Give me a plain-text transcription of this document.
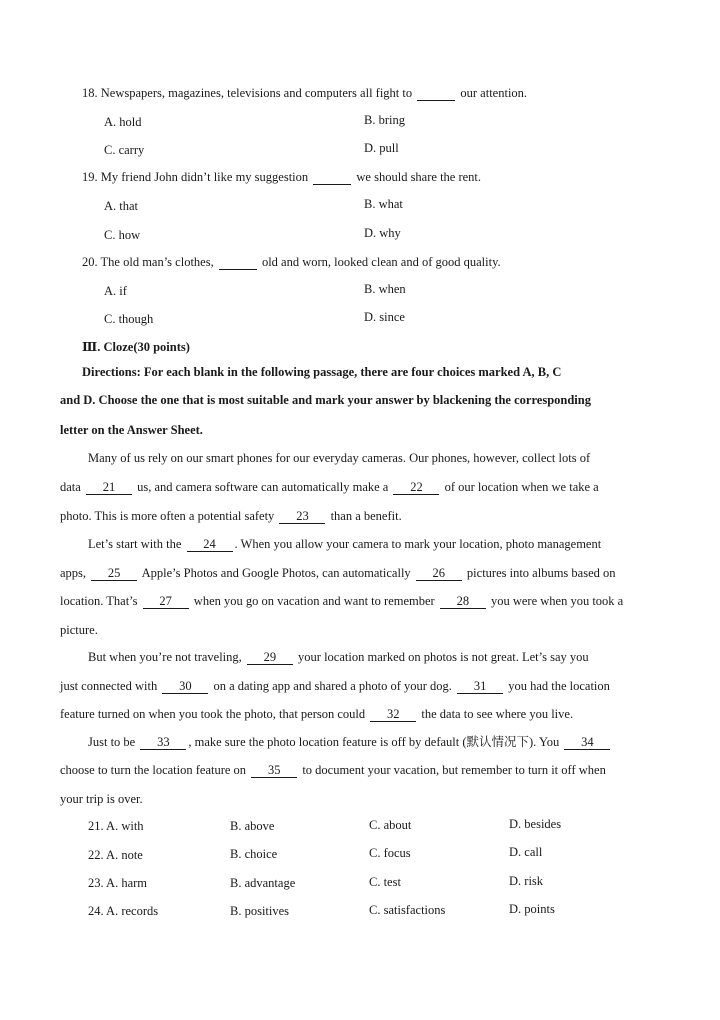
18. Newspapers, magazines, televisions and computers all fight to	our attention.
A. hold	B. bring
C. carry	D. pull
19. My friend John didn’t like my suggestion	we should share the rent.
A. that	B. what
C. how	D. why
20. The old man’s clothes,	old and worn, looked clean and of good quality.
A. if	B. when
C. though	D. since
Ⅲ. Cloze(30 points)
Directions: For each blank in the following passage, there are four choices marked A, B, C
and D. Choose the one that is most suitable and mark your answer by blackening the corresponding
letter on the Answer Sheet.
Many of us rely on our smart phones for our everyday cameras. Our phones, however, collect lots of
data 21 us, and camera software can automatically make a 22 of our location when we take a
photo. This is more often a potential safety 23 than a benefit.
Let’s start with the 24 . When you allow your camera to mark your location, photo management
apps, 25 Apple’s Photos and Google Photos, can automatically 26 pictures into albums based on
location. That’s 27 when you go on vacation and want to remember 28 you were when you took a
picture.
But when you’re not traveling, 29 your location marked on photos is not great. Let’s say you
just connected with 30 on a dating app and shared a photo of your dog. 31 you had the location
feature turned on when you took the photo, that person could 32 the data to see where you live.
Just to be 33 , make sure the photo location feature is off by default (默认情况下). You 34
choose to turn the location feature on 35 to document your vacation, but remember to turn it off when
your trip is over.
21. A. with	B. above	C. about	D. besides
22. A. note	B. choice	C. focus	D. call
23. A. harm	B. advantage	C. test	D. risk
24. A. records	B. positives	C. satisfactions	D. points
